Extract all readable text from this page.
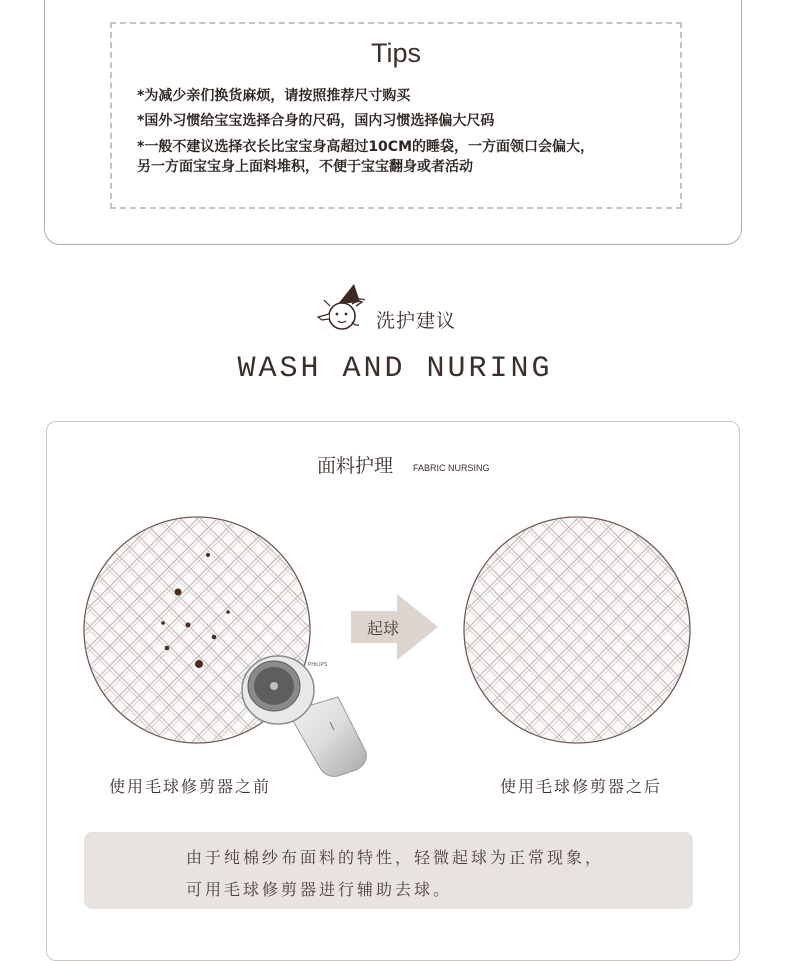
Tips
*为减少亲们换货麻烦，请按照推荐尺寸购买
*国外习惯给宝宝选择合身的尺码，国内习惯选择偏大尺码
*一般不建议选择衣长比宝宝身高超过10CM的睡袋，一方面领口会偏大，
另一方面宝宝身上面料堆积，不便于宝宝翻身或者活动
洗护建议
WASH AND NURING
面料护理 FABRIC NURSING
PHILIPS
起球
使用毛球修剪器之前	使用毛球修剪器之后
由于纯棉纱布面料的特性，轻微起球为正常现象，
可用毛球修剪器进行辅助去球。
